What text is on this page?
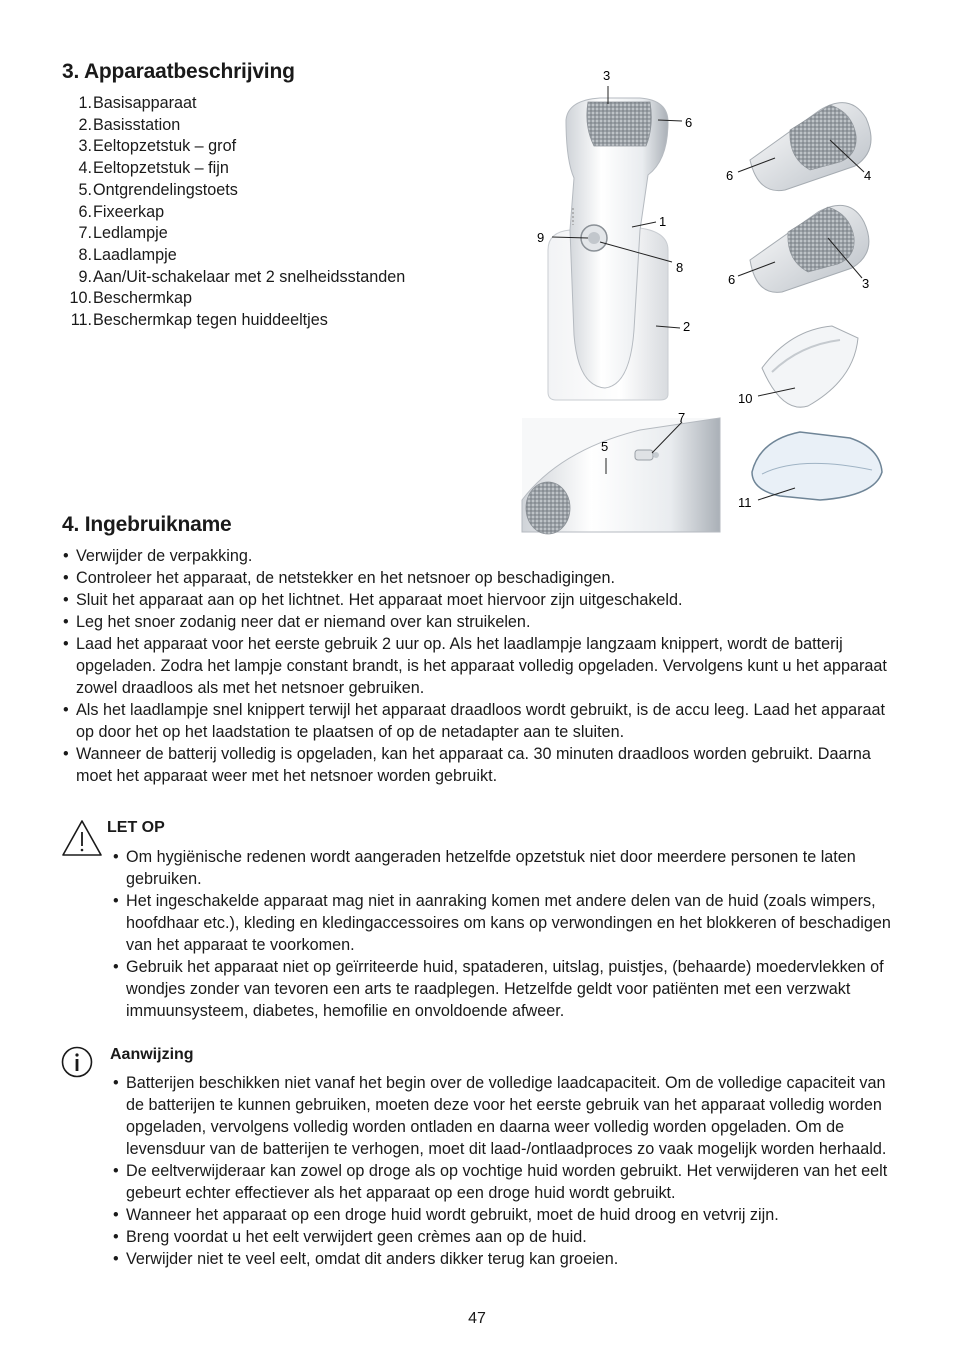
3. Apparaatbeschrijving
1. Basisapparaat
2. Basisstation
3. Eeltopzetstuk – grof
4. Eeltopzetstuk – fijn
5. Ontgrendelingstoets
6. Fixeerkap
7. Ledlampje
8. Laadlampje
9. Aan/Uit-schakelaar met 2 snelheidsstanden
10. Beschermkap
11. Beschermkap tegen huiddeeltjes
3
6
1
9
8
2
6	4
6	3
10
11
7
5
4. Ingebruikname
• Verwijder de verpakking.
• Controleer het apparaat, de netstekker en het netsnoer op beschadigingen.
• Sluit het apparaat aan op het lichtnet. Het apparaat moet hiervoor zijn uitgeschakeld.
• Leg het snoer zodanig neer dat er niemand over kan struikelen.
• Laad het apparaat voor het eerste gebruik 2 uur op. Als het laadlampje langzaam knippert, wordt de batterij opgeladen. Zodra het lampje constant brandt, is het apparaat volledig opgeladen. Vervolgens kunt u het apparaat zowel draadloos als met het netsnoer gebruiken.
• Als het laadlampje snel knippert terwijl het apparaat draadloos wordt gebruikt, is de accu leeg. Laad het apparaat op door het op het laadstation te plaatsen of op de netadapter aan te sluiten.
• Wanneer de batterij volledig is opgeladen, kan het apparaat ca. 30 minuten draadloos worden gebruikt. Daarna moet het apparaat weer met het netsnoer worden gebruikt.
LET OP
• Om hygiënische redenen wordt aangeraden hetzelfde opzetstuk niet door meerdere personen te laten gebruiken.
• Het ingeschakelde apparaat mag niet in aanraking komen met andere delen van de huid (zoals wimpers, hoofdhaar etc.), kleding en kledingaccessoires om kans op verwondingen en het blokkeren of beschadigen van het apparaat te voorkomen.
• Gebruik het apparaat niet op geïrriteerde huid, spataderen, uitslag, puistjes, (behaarde) moedervlekken of wondjes zonder van tevoren een arts te raadplegen. Hetzelfde geldt voor patiënten met een verzwakt immuunsysteem, diabetes, hemofilie en onvoldoende afweer.
Aanwijzing
• Batterijen beschikken niet vanaf het begin over de volledige laadcapaciteit. Om de volledige capaciteit van de batterijen te kunnen gebruiken, moeten deze voor het eerste gebruik van het apparaat volledig worden opgeladen, vervolgens volledig worden ontladen en daarna weer volledig worden opgeladen. Om de levensduur van de batterijen te verhogen, moet dit laad-/ontlaadproces zo vaak mogelijk worden herhaald.
• De eeltverwijderaar kan zowel op droge als op vochtige huid worden gebruikt. Het verwijderen van het eelt gebeurt echter effectiever als het apparaat op een droge huid wordt gebruikt.
• Wanneer het apparaat op een droge huid wordt gebruikt, moet de huid droog en vetvrij zijn.
• Breng voordat u het eelt verwijdert geen crèmes aan op de huid.
• Verwijder niet te veel eelt, omdat dit anders dikker terug kan groeien.
47
